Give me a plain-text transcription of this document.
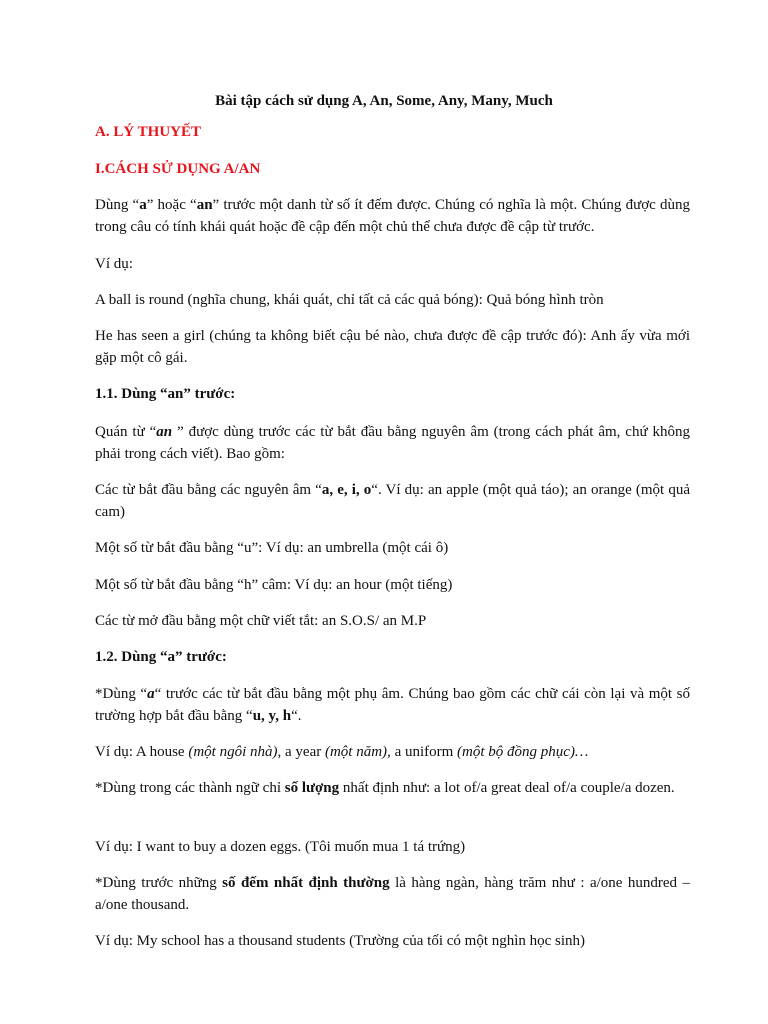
Bài tập cách sử dụng A, An, Some, Any, Many, Much
A. LÝ THUYẾT
I.CÁCH SỬ DỤNG A/AN

Dùng “a” hoặc “an” trước một danh từ số ít đếm được. Chúng có nghĩa là một. Chúng được dùng trong câu có tính khái quát hoặc đề cập đến một chủ thể chưa được đề cập từ trước.

Ví dụ:

A ball is round (nghĩa chung, khái quát, chỉ tất cả các quả bóng): Quả bóng hình tròn

He has seen a girl (chúng ta không biết cậu bé nào, chưa được đề cập trước đó): Anh ấy vừa mới gặp một cô gái.

1.1. Dùng “an” trước:

Quán từ “an ” được dùng trước các từ bắt đầu bằng nguyên âm (trong cách phát âm, chứ không phải trong cách viết). Bao gồm:

Các từ bắt đầu bằng các nguyên âm “a, e, i, o“. Ví dụ: an apple (một quả táo); an orange (một quả cam)

Một số từ bắt đầu bằng “u”: Ví dụ: an umbrella (một cái ô)

Một số từ bắt đầu bằng “h” câm: Ví dụ: an hour (một tiếng)

Các từ mở đầu bằng một chữ viết tắt: an S.O.S/ an M.P

1.2. Dùng “a” trước:

*Dùng “a“ trước các từ bắt đầu bằng một phụ âm. Chúng bao gồm các chữ cái còn lại và một số trường hợp bắt đầu bằng “u, y, h“.

Ví dụ: A house (một ngôi nhà), a year (một năm), a uniform (một bộ đồng phục)…

*Dùng trong các thành ngữ chỉ số lượng nhất định như: a lot of/a great deal of/a couple/a dozen.

Ví dụ: I want to buy a dozen eggs. (Tôi muốn mua 1 tá trứng)

*Dùng trước những số đếm nhất định thường là hàng ngàn, hàng trăm như : a/one hundred – a/one thousand.

Ví dụ: My school has a thousand students (Trường của tối có một nghìn học sinh)
